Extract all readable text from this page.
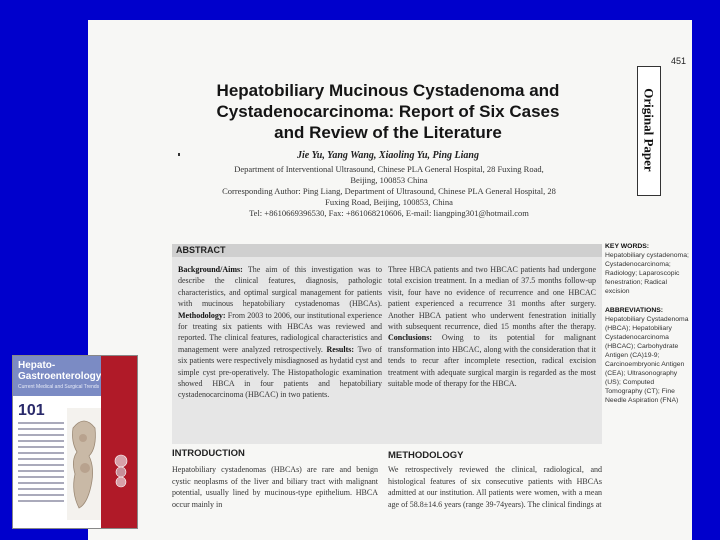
451
Original Paper
Hepatobiliary Mucinous Cystadenoma and
Cystadenocarcinoma: Report of Six Cases
and Review of the Literature
Jie Yu, Yang Wang, Xiaoling Yu, Ping Liang
Department of Interventional Ultrasound, Chinese PLA General Hospital, 28 Fuxing Road,
Beijing, 100853 China
Corresponding Author: Ping Liang, Department of Ultrasound, Chinese PLA General Hospital, 28
Fuxing Road, Beijing, 100853, China
Tel: +8610669396530, Fax: +861068210606, E-mail: liangping301@hotmail.com
ABSTRACT
Background/Aims: The aim of this investigation was to describe the clinical features, diagnosis, pathologic characteristics, and optimal surgical management for patients with mucinous hepatobiliary cystadenomas (HBCAs). Methodology: From 2003 to 2006, our institutional experience for treating six patients with HBCAs was reviewed and reported. The clinical features, radiological characteristics and management were analyzed retrospectively. Results: Two of six patients were respectively misdiagnosed as hydatid cyst and simple cyst pre-operatively. The Histopathologic examination showed HBCA in four patients and hepatobiliary cystadenocarcinoma (HBCAC) in two patients.
Three HBCA patients and two HBCAC patients had undergone total excision treatment. In a median of 37.5 months follow-up visit, four have no evidence of recurrence and one HBCAC patient experienced a recurrence 31 months after surgery. Another HBCA patient who underwent fenestration initially with subsequent recurrence, died 15 months after the therapy. Conclusions: Owing to its potential for malignant transformation into HBCAC, along with the consideration that it tends to recur after incomplete resection, radical excision treatment with adequate surgical margin is regarded as the most suitable mode of therapy for the HBCA.
KEY WORDS: Hepatobiliary cystadenoma; Cystadenocarcinoma; Radiology; Laparoscopic fenestration; Radical excision
ABBREVIATIONS: Hepatobiliary Cystadenoma (HBCA); Hepatobiliary Cystadenocarcinoma (HBCAC); Carbohydrate Antigen (CA)19-9; Carcinoembryonic Antigen (CEA); Ultrasonography (US); Computed Tomography (CT); Fine Needle Aspiration (FNA)
INTRODUCTION
Hepatobiliary cystadenomas (HBCAs) are rare and benign cystic neoplasms of the liver and biliary tract with malignant potential, usually lined by mucinous-type epithelium. HBCA occur mainly in
METHODOLOGY
We retrospectively reviewed the clinical, radiological, and histological features of six consecutive patients with HBCAs admitted at our institution. All patients were women, with a mean age of 58.8±14.6 years (range 39-74years). The clinical findings at
Hepato-
Gastroenterology
Current Medical and Surgical Trends
101
